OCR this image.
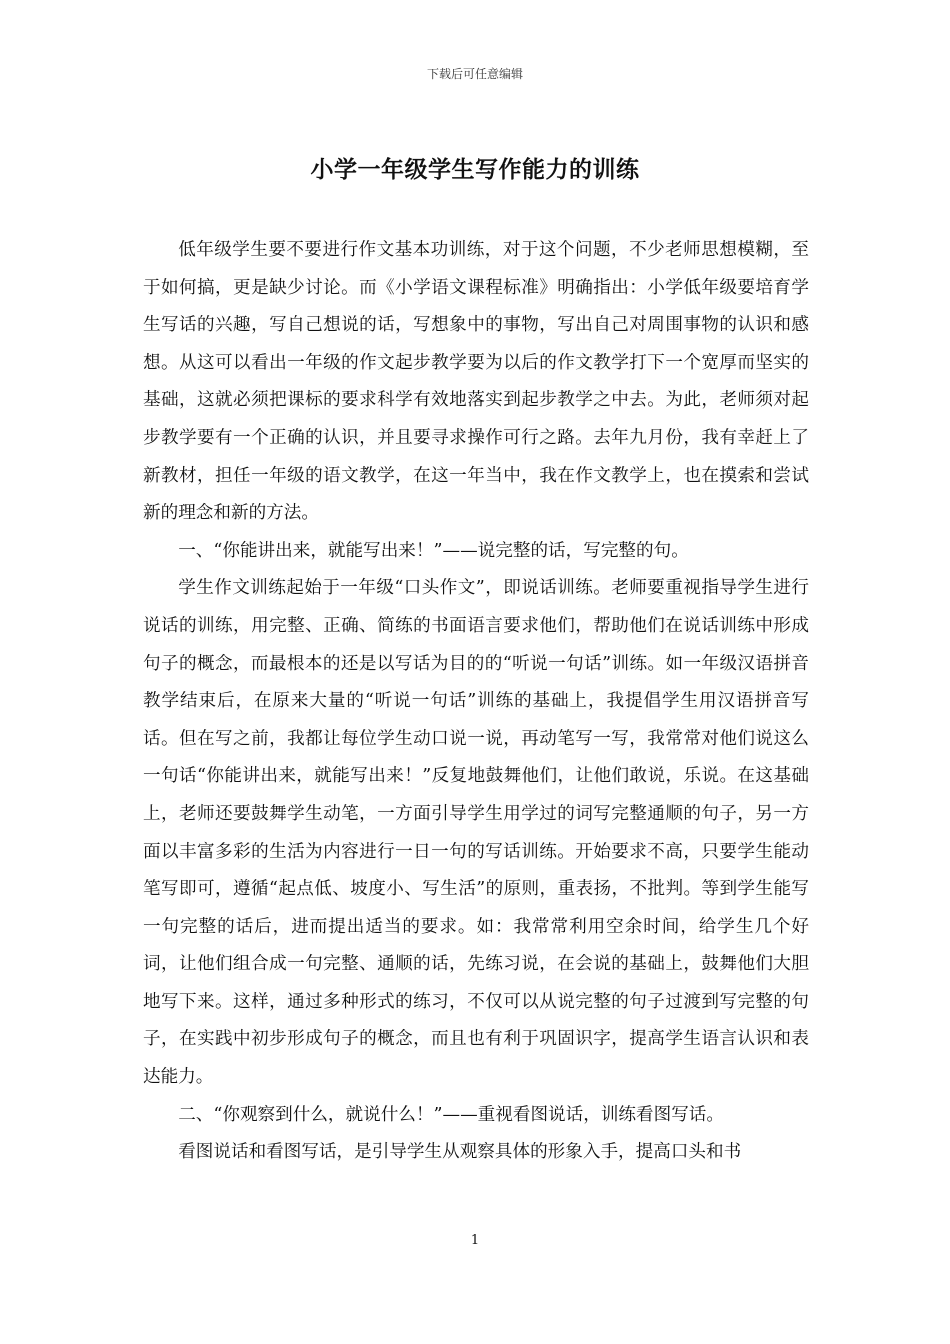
下载后可任意编辑
小学一年级学生写作能力的训练

低年级学生要不要进行作文基本功训练，对于这个问题，不少老师思想模糊，至于如何搞，更是缺少讨论。而《小学语文课程标准》明确指出：小学低年级要培育学生写话的兴趣，写自己想说的话，写想象中的事物，写出自己对周围事物的认识和感想。从这可以看出一年级的作文起步教学要为以后的作文教学打下一个宽厚而坚实的基础，这就必须把课标的要求科学有效地落实到起步教学之中去。为此，老师须对起步教学要有一个正确的认识，并且要寻求操作可行之路。去年九月份，我有幸赶上了新教材，担任一年级的语文教学，在这一年当中，我在作文教学上，也在摸索和尝试新的理念和新的方法。

一、“你能讲出来，就能写出来！”——说完整的话，写完整的句。

学生作文训练起始于一年级“口头作文”，即说话训练。老师要重视指导学生进行说话的训练，用完整、正确、简练的书面语言要求他们，帮助他们在说话训练中形成句子的概念，而最根本的还是以写话为目的的“听说一句话”训练。如一年级汉语拼音教学结束后，在原来大量的“听说一句话”训练的基础上，我提倡学生用汉语拼音写话。但在写之前，我都让每位学生动口说一说，再动笔写一写，我常常对他们说这么一句话“你能讲出来，就能写出来！”反复地鼓舞他们，让他们敢说，乐说。在这基础上，老师还要鼓舞学生动笔，一方面引导学生用学过的词写完整通顺的句子，另一方面以丰富多彩的生活为内容进行一日一句的写话训练。开始要求不高，只要学生能动笔写即可，遵循“起点低、坡度小、写生活”的原则，重表扬，不批判。等到学生能写一句完整的话后，进而提出适当的要求。如：我常常利用空余时间，给学生几个好词，让他们组合成一句完整、通顺的话，先练习说，在会说的基础上，鼓舞他们大胆地写下来。这样，通过多种形式的练习，不仅可以从说完整的句子过渡到写完整的句子，在实践中初步形成句子的概念，而且也有利于巩固识字，提高学生语言认识和表达能力。

二、“你观察到什么，就说什么！”——重视看图说话，训练看图写话。

看图说话和看图写话，是引导学生从观察具体的形象入手，提高口头和书

1
